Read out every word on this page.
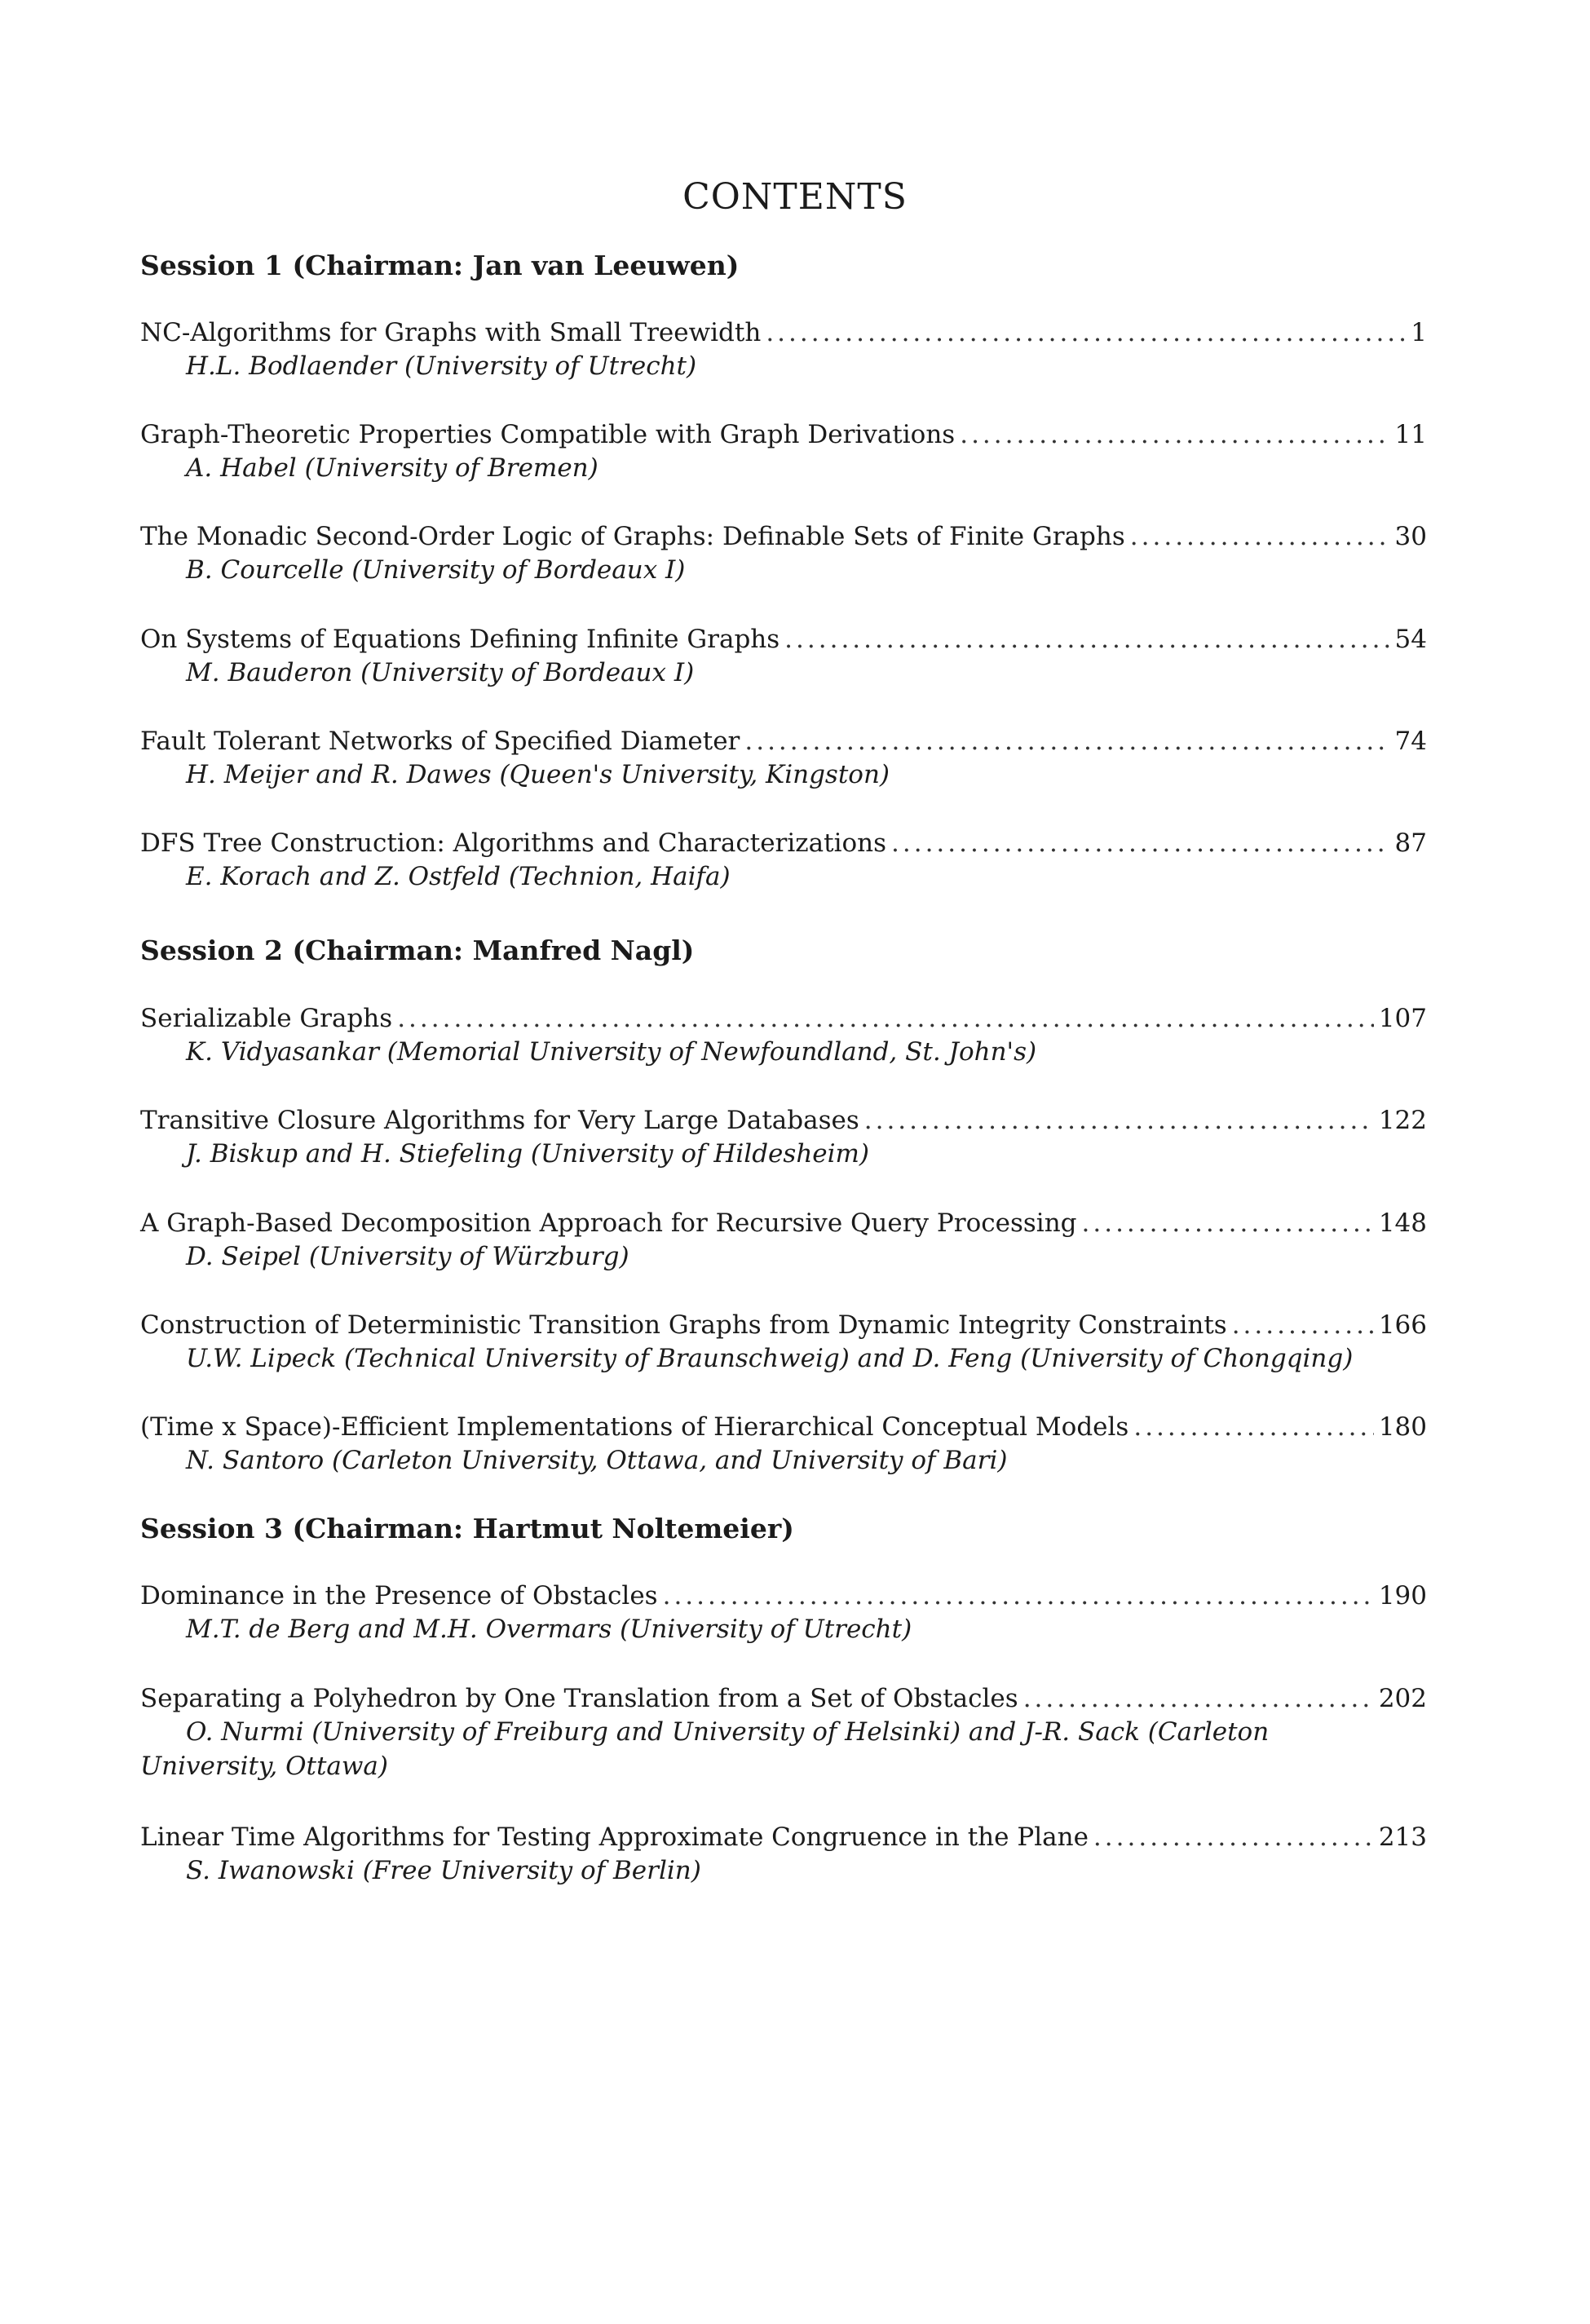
CONTENTS
Session 1 (Chairman: Jan van Leeuwen)
NC-Algorithms for Graphs with Small Treewidth .....	1
H.L. Bodlaender (University of Utrecht)
Graph-Theoretic Properties Compatible with Graph Derivations .....	11
A. Habel (University of Bremen)
The Monadic Second-Order Logic of Graphs: Definable Sets of Finite Graphs .....	30
B. Courcelle (University of Bordeaux I)
On Systems of Equations Defining Infinite Graphs .....	54
M. Bauderon (University of Bordeaux I)
Fault Tolerant Networks of Specified Diameter .....	74
H. Meijer and R. Dawes (Queen's University, Kingston)
DFS Tree Construction: Algorithms and Characterizations .....	87
E. Korach and Z. Ostfeld (Technion, Haifa)
Session 2 (Chairman: Manfred Nagl)
Serializable Graphs .....	107
K. Vidyasankar (Memorial University of Newfoundland, St. John's)
Transitive Closure Algorithms for Very Large Databases .....	122
J. Biskup and H. Stiefeling (University of Hildesheim)
A Graph-Based Decomposition Approach for Recursive Query Processing .....	148
D. Seipel (University of Würzburg)
Construction of Deterministic Transition Graphs from Dynamic Integrity Constraints .....	166
U.W. Lipeck (Technical University of Braunschweig) and D. Feng (University of Chongqing)
(Time x Space)-Efficient Implementations of Hierarchical Conceptual Models .....	180
N. Santoro (Carleton University, Ottawa, and University of Bari)
Session 3 (Chairman: Hartmut Noltemeier)
Dominance in the Presence of Obstacles .....	190
M.T. de Berg and M.H. Overmars (University of Utrecht)
Separating a Polyhedron by One Translation from a Set of Obstacles .....	202
O. Nurmi (University of Freiburg and University of Helsinki) and J-R. Sack (Carleton University, Ottawa)
Linear Time Algorithms for Testing Approximate Congruence in the Plane .....	213
S. Iwanowski (Free University of Berlin)
